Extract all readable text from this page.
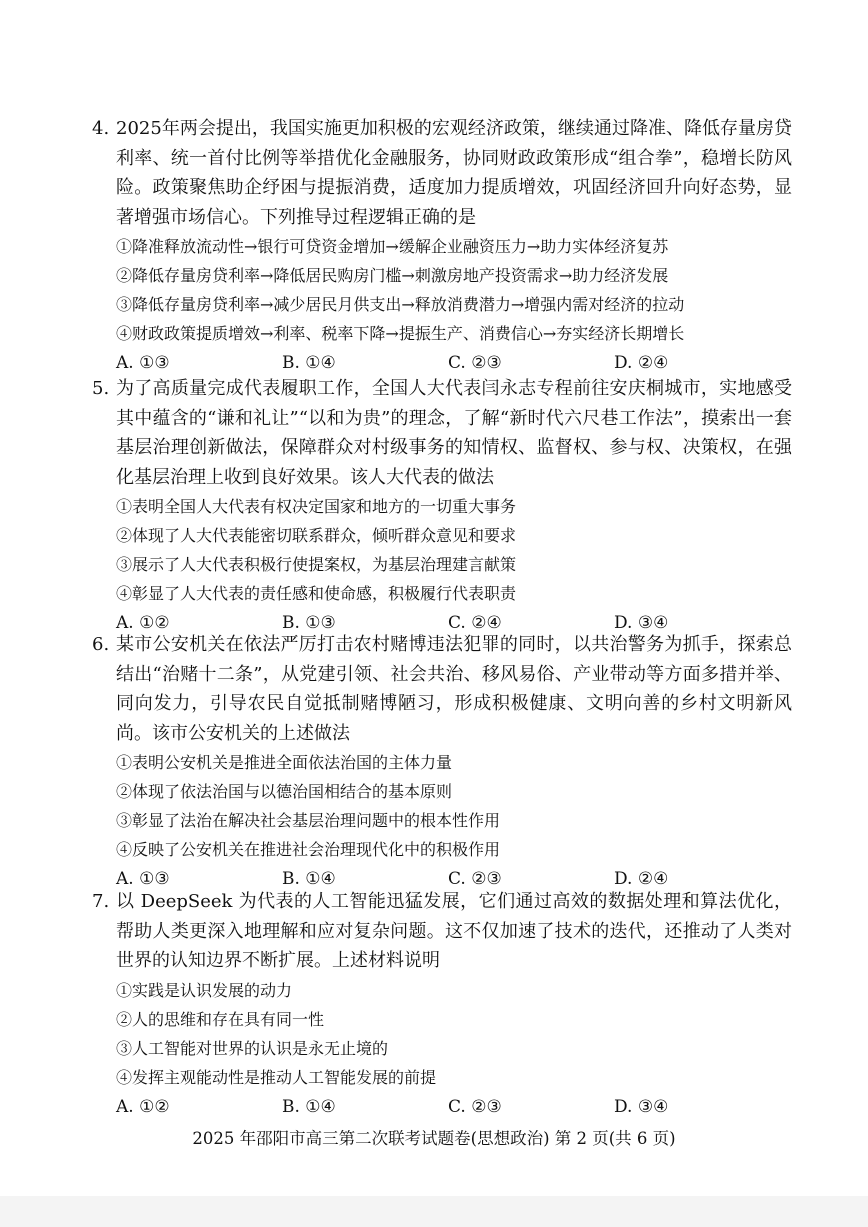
4. 2025年两会提出，我国实施更加积极的宏观经济政策，继续通过降准、降低存量房贷利率、统一首付比例等举措优化金融服务，协同财政政策形成“组合拳”，稳增长防风险。政策聚焦助企纾困与提振消费，适度加力提质增效，巩固经济回升向好态势，显著增强市场信心。下列推导过程逻辑正确的是
①降准释放流动性→银行可贷资金增加→缓解企业融资压力→助力实体经济复苏
②降低存量房贷利率→降低居民购房门槛→刺激房地产投资需求→助力经济发展
③降低存量房贷利率→减少居民月供支出→释放消费潜力→增强内需对经济的拉动
④财政政策提质增效→利率、税率下降→提振生产、消费信心→夯实经济长期增长
A. ①③	B. ①④	C. ②③	D. ②④
5. 为了高质量完成代表履职工作，全国人大代表闫永志专程前往安庆桐城市，实地感受其中蕴含的“谦和礼让”“以和为贵”的理念，了解“新时代六尺巷工作法”，摸索出一套基层治理创新做法，保障群众对村级事务的知情权、监督权、参与权、决策权，在强化基层治理上收到良好效果。该人大代表的做法
①表明全国人大代表有权决定国家和地方的一切重大事务
②体现了人大代表能密切联系群众，倾听群众意见和要求
③展示了人大代表积极行使提案权，为基层治理建言献策
④彰显了人大代表的责任感和使命感，积极履行代表职责
A. ①②	B. ①③	C. ②④	D. ③④
6. 某市公安机关在依法严厉打击农村赌博违法犯罪的同时，以共治警务为抓手，探索总结出“治赌十二条”，从党建引领、社会共治、移风易俗、产业带动等方面多措并举、同向发力，引导农民自觉抵制赌博陋习，形成积极健康、文明向善的乡村文明新风尚。该市公安机关的上述做法
①表明公安机关是推进全面依法治国的主体力量
②体现了依法治国与以德治国相结合的基本原则
③彰显了法治在解决社会基层治理问题中的根本性作用
④反映了公安机关在推进社会治理现代化中的积极作用
A. ①③	B. ①④	C. ②③	D. ②④
7. 以 DeepSeek 为代表的人工智能迅猛发展，它们通过高效的数据处理和算法优化，帮助人类更深入地理解和应对复杂问题。这不仅加速了技术的迭代，还推动了人类对世界的认知边界不断扩展。上述材料说明
①实践是认识发展的动力
②人的思维和存在具有同一性
③人工智能对世界的认识是永无止境的
④发挥主观能动性是推动人工智能发展的前提
A. ①②	B. ①④	C. ②③	D. ③④
2025 年邵阳市高三第二次联考试题卷(思想政治) 第 2 页(共 6 页)
